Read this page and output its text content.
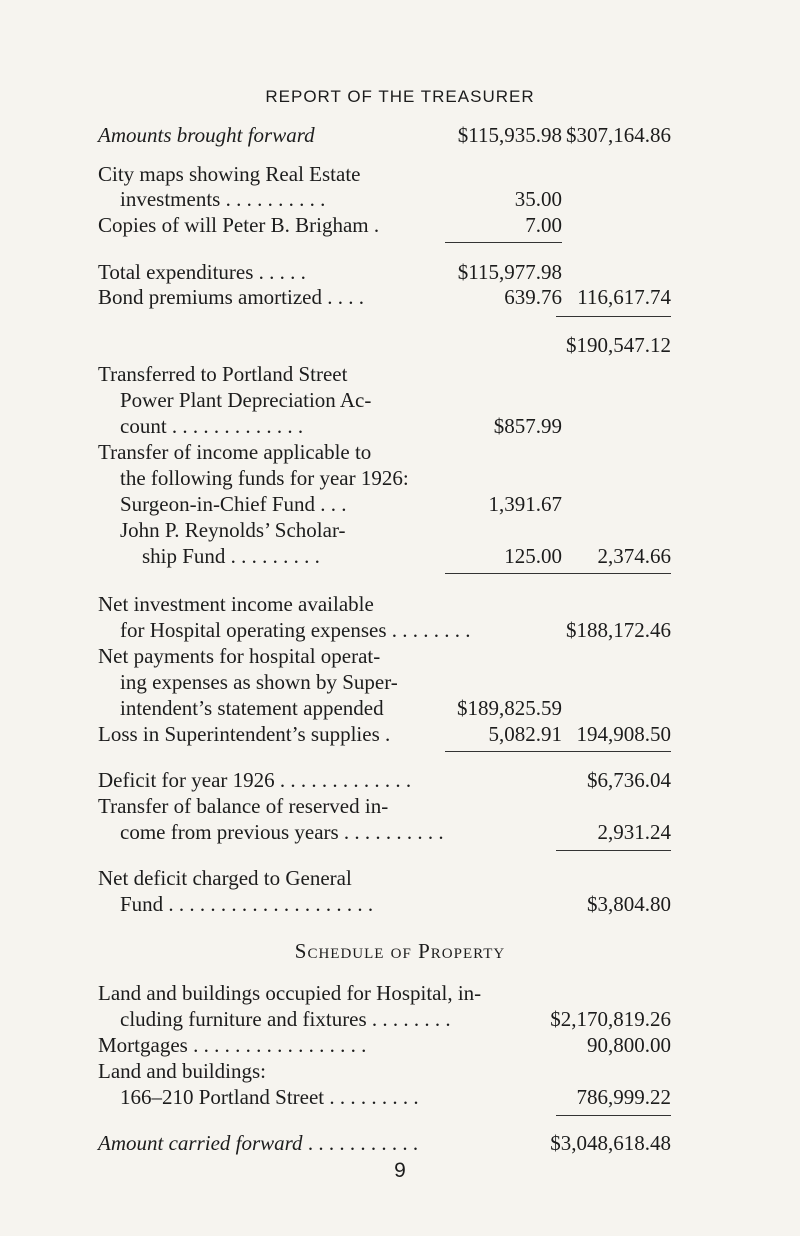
REPORT OF THE TREASURER
Amounts brought forward	$115,935.98 $307,164.86
City maps showing Real Estate
investments . . . . . . . . . .	35.00
Copies of will Peter B. Brigham .	7.00
Total expenditures . . . . .	$115,977.98
Bond premiums amortized . . . .	639.76 116,617.74
$190,547.12
Transferred to Portland Street
Power Plant Depreciation Ac-
count . . . . . . . . . . . . .	$857.99
Transfer of income applicable to
the following funds for year 1926:
Surgeon-in-Chief Fund . . .	1,391.67
John P. Reynolds’ Scholar-
ship Fund . . . . . . . . .	125.00 2,374.66
Net investment income available
for Hospital operating expenses . . . . . . . .	$188,172.46
Net payments for hospital operat-
ing expenses as shown by Super-
intendent’s statement appended	$189,825.59
Loss in Superintendent’s supplies .	5,082.91 194,908.50
Deficit for year 1926 . . . . . . . . . . . . .	$6,736.04
Transfer of balance of reserved in-
come from previous years . . . . . . . . . .	2,931.24
Net deficit charged to General
Fund . . . . . . . . . . . . . . . . . . . .	$3,804.80
Schedule of Property
Land and buildings occupied for Hospital, in-
cluding furniture and fixtures . . . . . . . .	$2,170,819.26
Mortgages . . . . . . . . . . . . . . . . .	90,800.00
Land and buildings:
166–210 Portland Street . . . . . . . . .	786,999.22
Amount carried forward . . . . . . . . . . .	$3,048,618.48
9
